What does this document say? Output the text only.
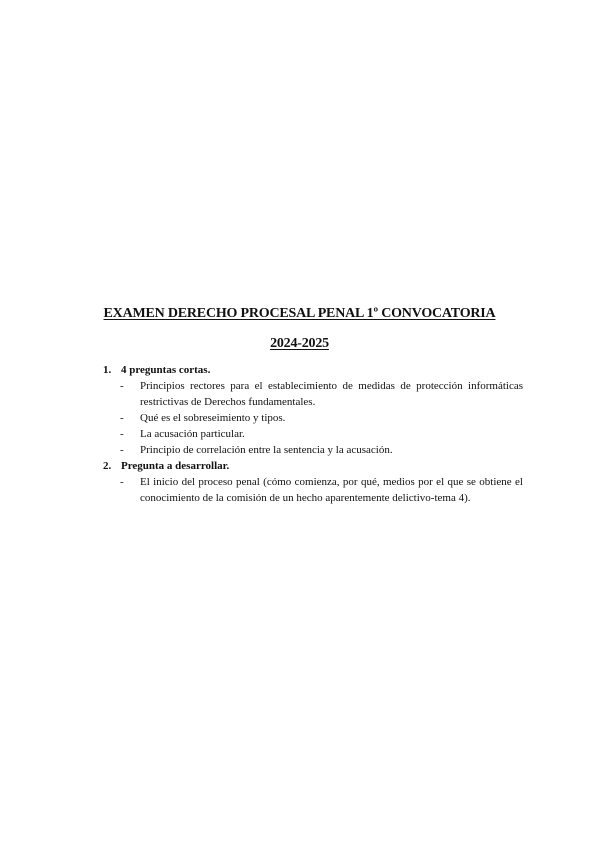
EXAMEN DERECHO PROCESAL PENAL 1º CONVOCATORIA

2024-2025

1. 4 preguntas cortas.
-	Principios rectores para el establecimiento de medidas de protección informáticas restrictivas de Derechos fundamentales.
-	Qué es el sobreseimiento y tipos.
-	La acusación particular.
-	Principio de correlación entre la sentencia y la acusación.
2. Pregunta a desarrollar.
-	El inicio del proceso penal (cómo comienza, por qué, medios por el que se obtiene el conocimiento de la comisión de un hecho aparentemente delictivo-tema 4).
